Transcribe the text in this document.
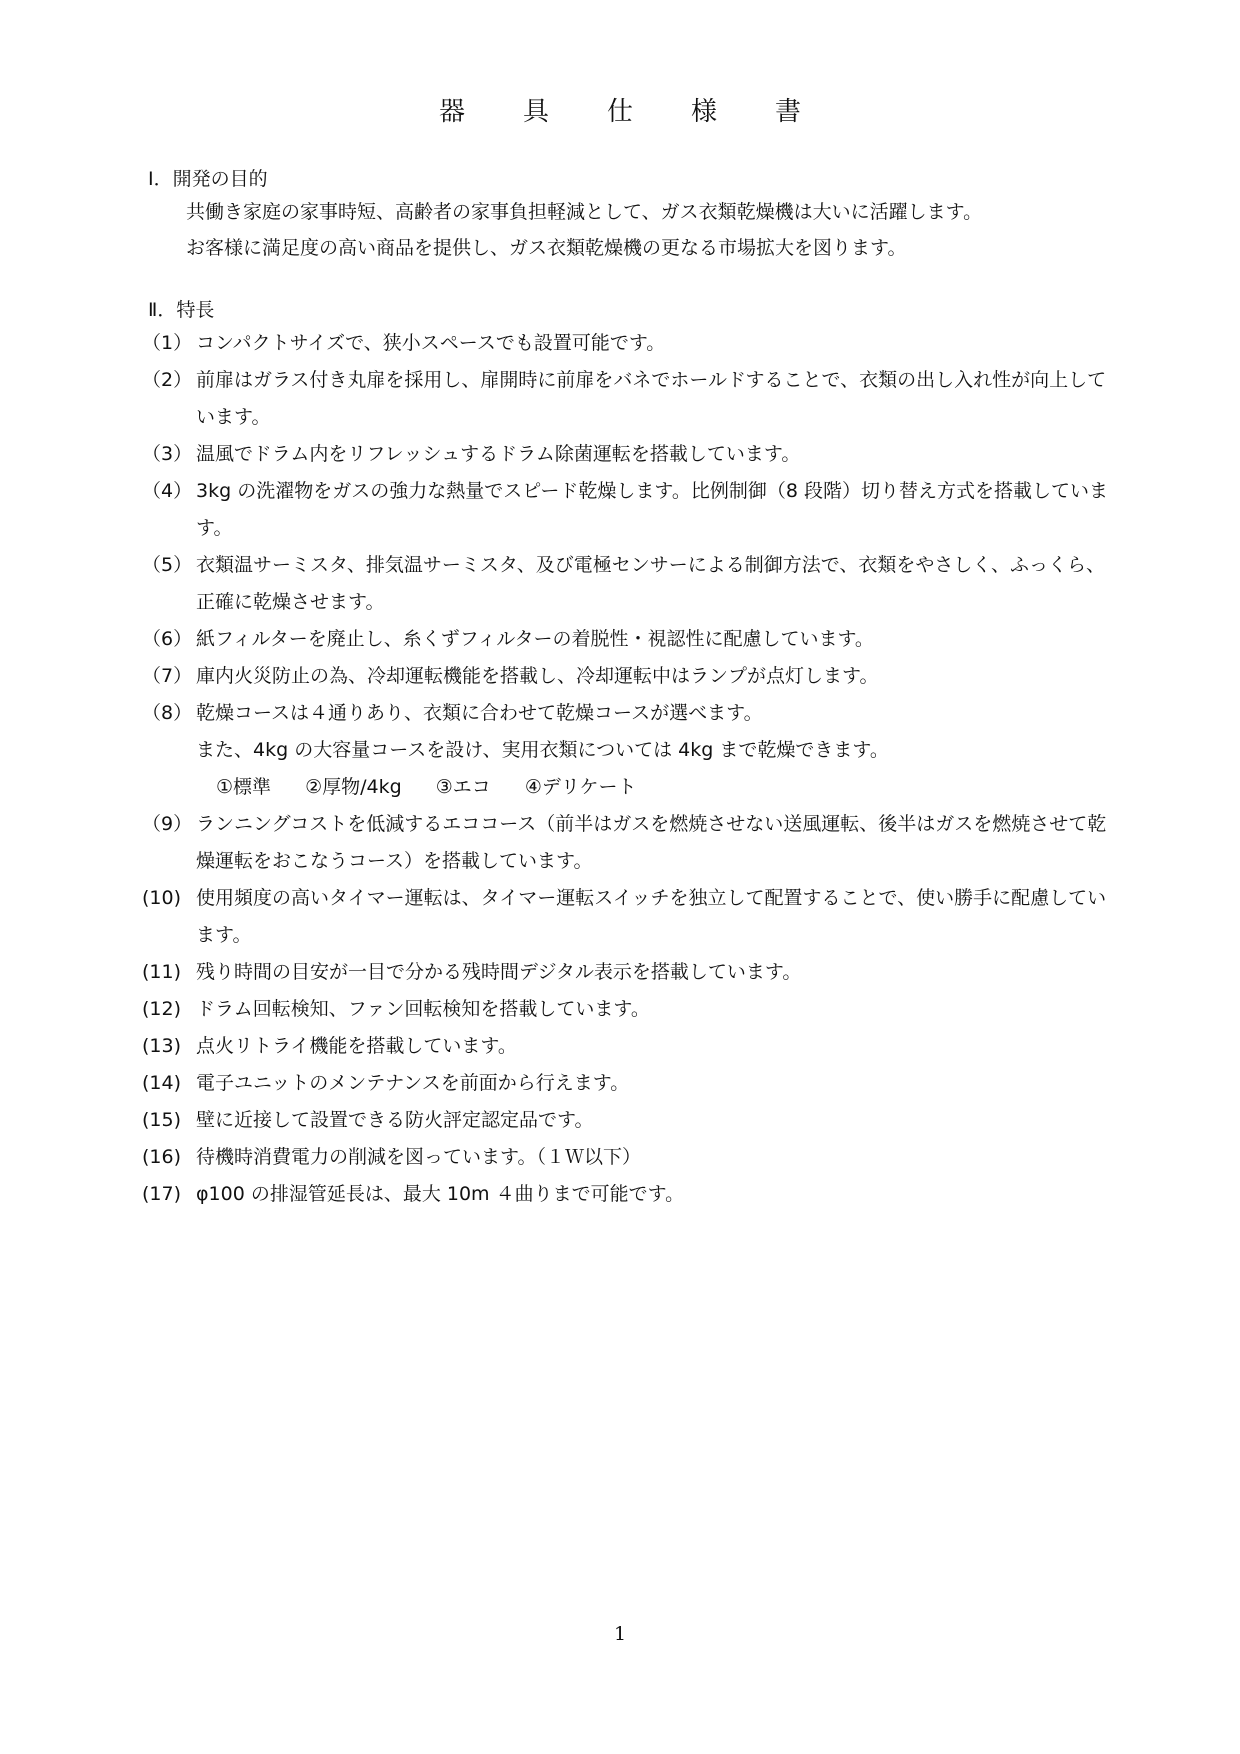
器具仕様書
Ⅰ．開発の目的
共働き家庭の家事時短、高齢者の家事負担軽減として、ガス衣類乾燥機は大いに活躍します。
お客様に満足度の高い商品を提供し、ガス衣類乾燥機の更なる市場拡大を図ります。
Ⅱ．特長
（1） コンパクトサイズで、狭小スペースでも設置可能です。
（2） 前扉はガラス付き丸扉を採用し、扉開時に前扉をバネでホールドすることで、衣類の出し入れ性が向上しています。
（3） 温風でドラム内をリフレッシュするドラム除菌運転を搭載しています。
（4） 3kg の洗濯物をガスの強力な熱量でスピード乾燥します。比例制御（8 段階）切り替え方式を搭載しています。
（5） 衣類温サーミスタ、排気温サーミスタ、及び電極センサーによる制御方法で、衣類をやさしく、ふっくら、正確に乾燥させます。
（6） 紙フィルターを廃止し、糸くずフィルターの着脱性・視認性に配慮しています。
（7） 庫内火災防止の為、冷却運転機能を搭載し、冷却運転中はランプが点灯します。
（8） 乾燥コースは４通りあり、衣類に合わせて乾燥コースが選べます。
また、4kg の大容量コースを設け、実用衣類については 4kg まで乾燥できます。
①標準 ②厚物/4kg ③エコ ④デリケート
（9） ランニングコストを低減するエココース（前半はガスを燃焼させない送風運転、後半はガスを燃焼させて乾燥運転をおこなうコース）を搭載しています。
(10) 使用頻度の高いタイマー運転は、タイマー運転スイッチを独立して配置することで、使い勝手に配慮しています。
(11) 残り時間の目安が一目で分かる残時間デジタル表示を搭載しています。
(12) ドラム回転検知、ファン回転検知を搭載しています。
(13) 点火リトライ機能を搭載しています。
(14) 電子ユニットのメンテナンスを前面から行えます。
(15) 壁に近接して設置できる防火評定認定品です。
(16) 待機時消費電力の削減を図っています。（１Ｗ以下）
(17) φ100 の排湿管延長は、最大 10m ４曲りまで可能です。
1
